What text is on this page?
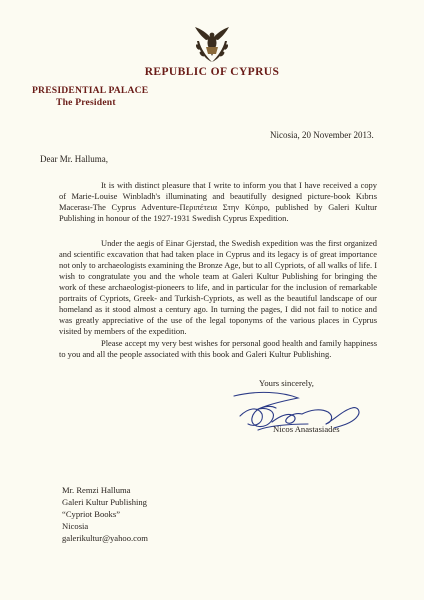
REPUBLIC OF CYPRUS
PRESIDENTIAL PALACE
The President
Nicosia, 20 November 2013.
Dear Mr. Halluma,
It is with distinct pleasure that I write to inform you that I have received a copy of Marie-Louise Winbladh's illuminating and beautifully designed picture-book Kıbrıs Macerası-The Cyprus Adventure-Περιπέτεια Στην Κύπρο, published by Galeri Kultur Publishing in honour of the 1927-1931 Swedish Cyprus Expedition.
Under the aegis of Einar Gjerstad, the Swedish expedition was the first organized and scientific excavation that had taken place in Cyprus and its legacy is of great importance not only to archaeologists examining the Bronze Age, but to all Cypriots, of all walks of life. I wish to congratulate you and the whole team at Galeri Kultur Publishing for bringing the work of these archaeologist-pioneers to life, and in particular for the inclusion of remarkable portraits of Cypriots, Greek- and Turkish-Cypriots, as well as the beautiful landscape of our homeland as it stood almost a century ago. In turning the pages, I did not fail to notice and was greatly appreciative of the use of the legal toponyms of the various places in Cyprus visited by members of the expedition.
Please accept my very best wishes for personal good health and family happiness to you and all the people associated with this book and Galeri Kultur Publishing.
Yours sincerely,
Nicos Anastasiades
Mr. Remzi Halluma
Galeri Kultur Publishing
“Cypriot Books”
Nicosia
galerikultur@yahoo.com
